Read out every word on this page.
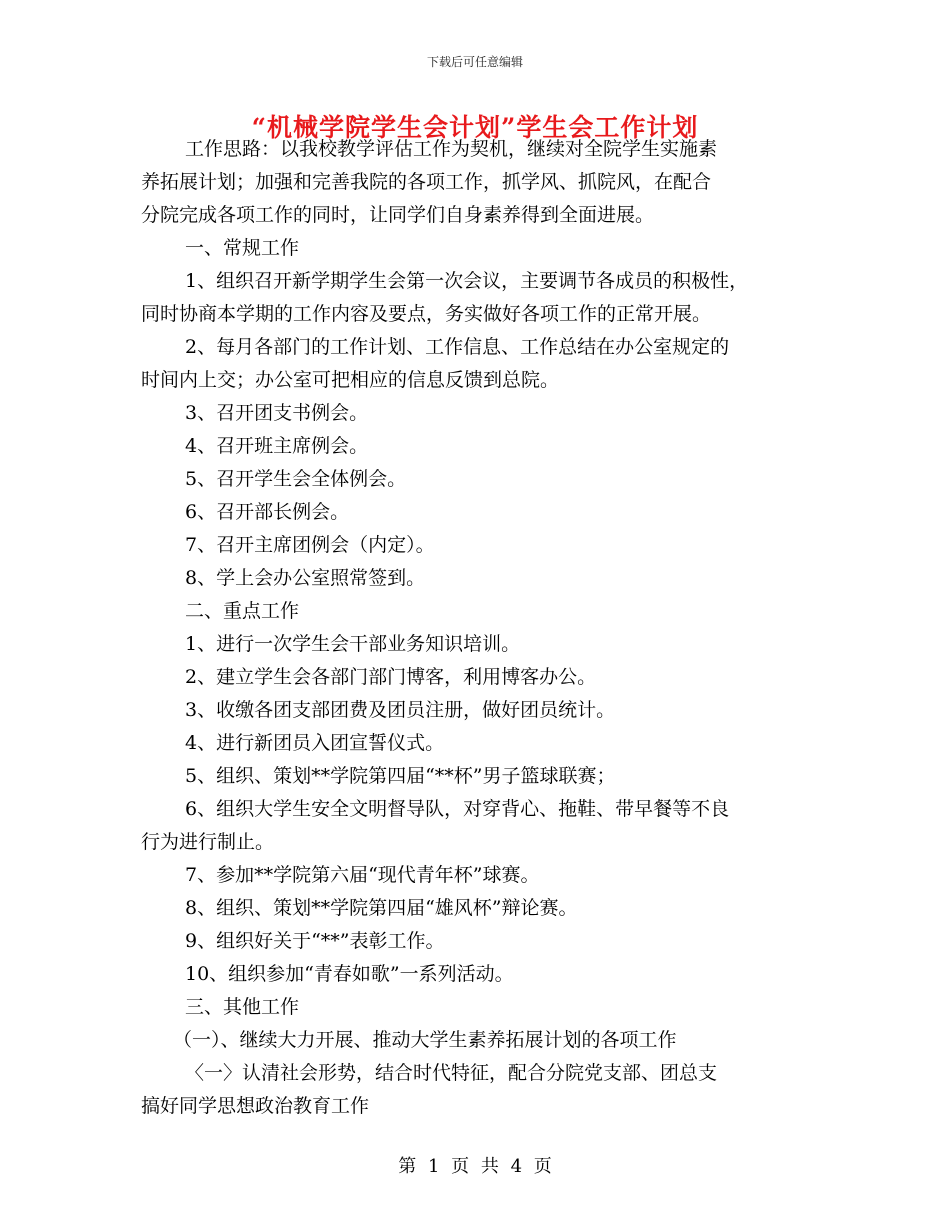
下载后可任意编辑
“机械学院学生会计划”学生会工作计划

工作思路：以我校教学评估工作为契机，继续对全院学生实施素

养拓展计划；加强和完善我院的各项工作，抓学风、抓院风，在配合

分院完成各项工作的同时，让同学们自身素养得到全面进展。

一、常规工作

1、组织召开新学期学生会第一次会议，主要调节各成员的积极性，

同时协商本学期的工作内容及要点，务实做好各项工作的正常开展。

2、每月各部门的工作计划、工作信息、工作总结在办公室规定的

时间内上交；办公室可把相应的信息反馈到总院。

3、召开团支书例会。

4、召开班主席例会。

5、召开学生会全体例会。

6、召开部长例会。

7、召开主席团例会（内定）。

8、学上会办公室照常签到。

二、重点工作

1、进行一次学生会干部业务知识培训。

2、建立学生会各部门部门博客，利用博客办公。

3、收缴各团支部团费及团员注册，做好团员统计。

4、进行新团员入团宣誓仪式。

5、组织、策划**学院第四届“**杯”男子篮球联赛；

6、组织大学生安全文明督导队，对穿背心、拖鞋、带早餐等不良

行为进行制止。

7、参加**学院第六届“现代青年杯”球赛。

8、组织、策划**学院第四届“雄风杯”辩论赛。

9、组织好关于“**”表彰工作。

10、组织参加“青春如歌”一系列活动。

三、其他工作

（一）、继续大力开展、推动大学生素养拓展计划的各项工作

〈一〉认清社会形势，结合时代特征，配合分院党支部、团总支

搞好同学思想政治教育工作

第 1 页 共 4 页
